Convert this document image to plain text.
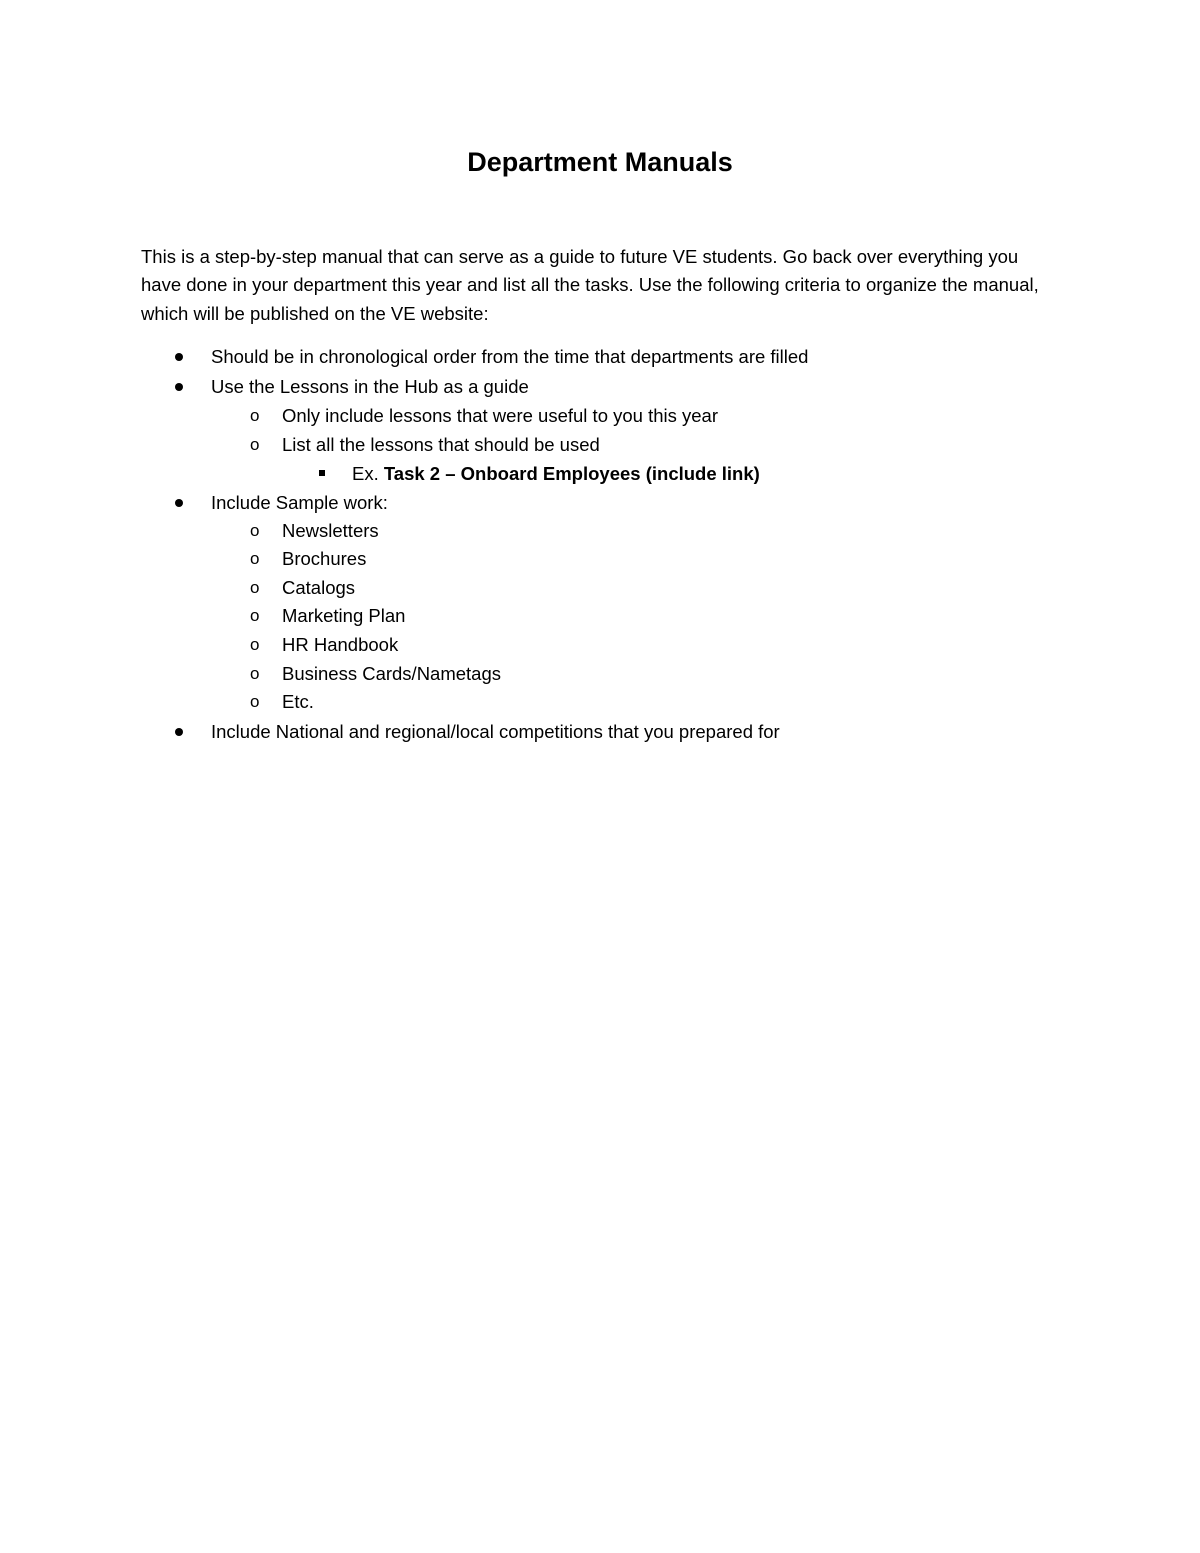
Department Manuals

This is a step-by-step manual that can serve as a guide to future VE students. Go back over everything you have done in your department this year and list all the tasks. Use the following criteria to organize the manual, which will be published on the VE website:

Should be in chronological order from the time that departments are filled
Use the Lessons in the Hub as a guide
o Only include lessons that were useful to you this year
o List all the lessons that should be used
Ex. Task 2 – Onboard Employees (include link)
Include Sample work:
o Newsletters
o Brochures
o Catalogs
o Marketing Plan
o HR Handbook
o Business Cards/Nametags
o Etc.
Include National and regional/local competitions that you prepared for
